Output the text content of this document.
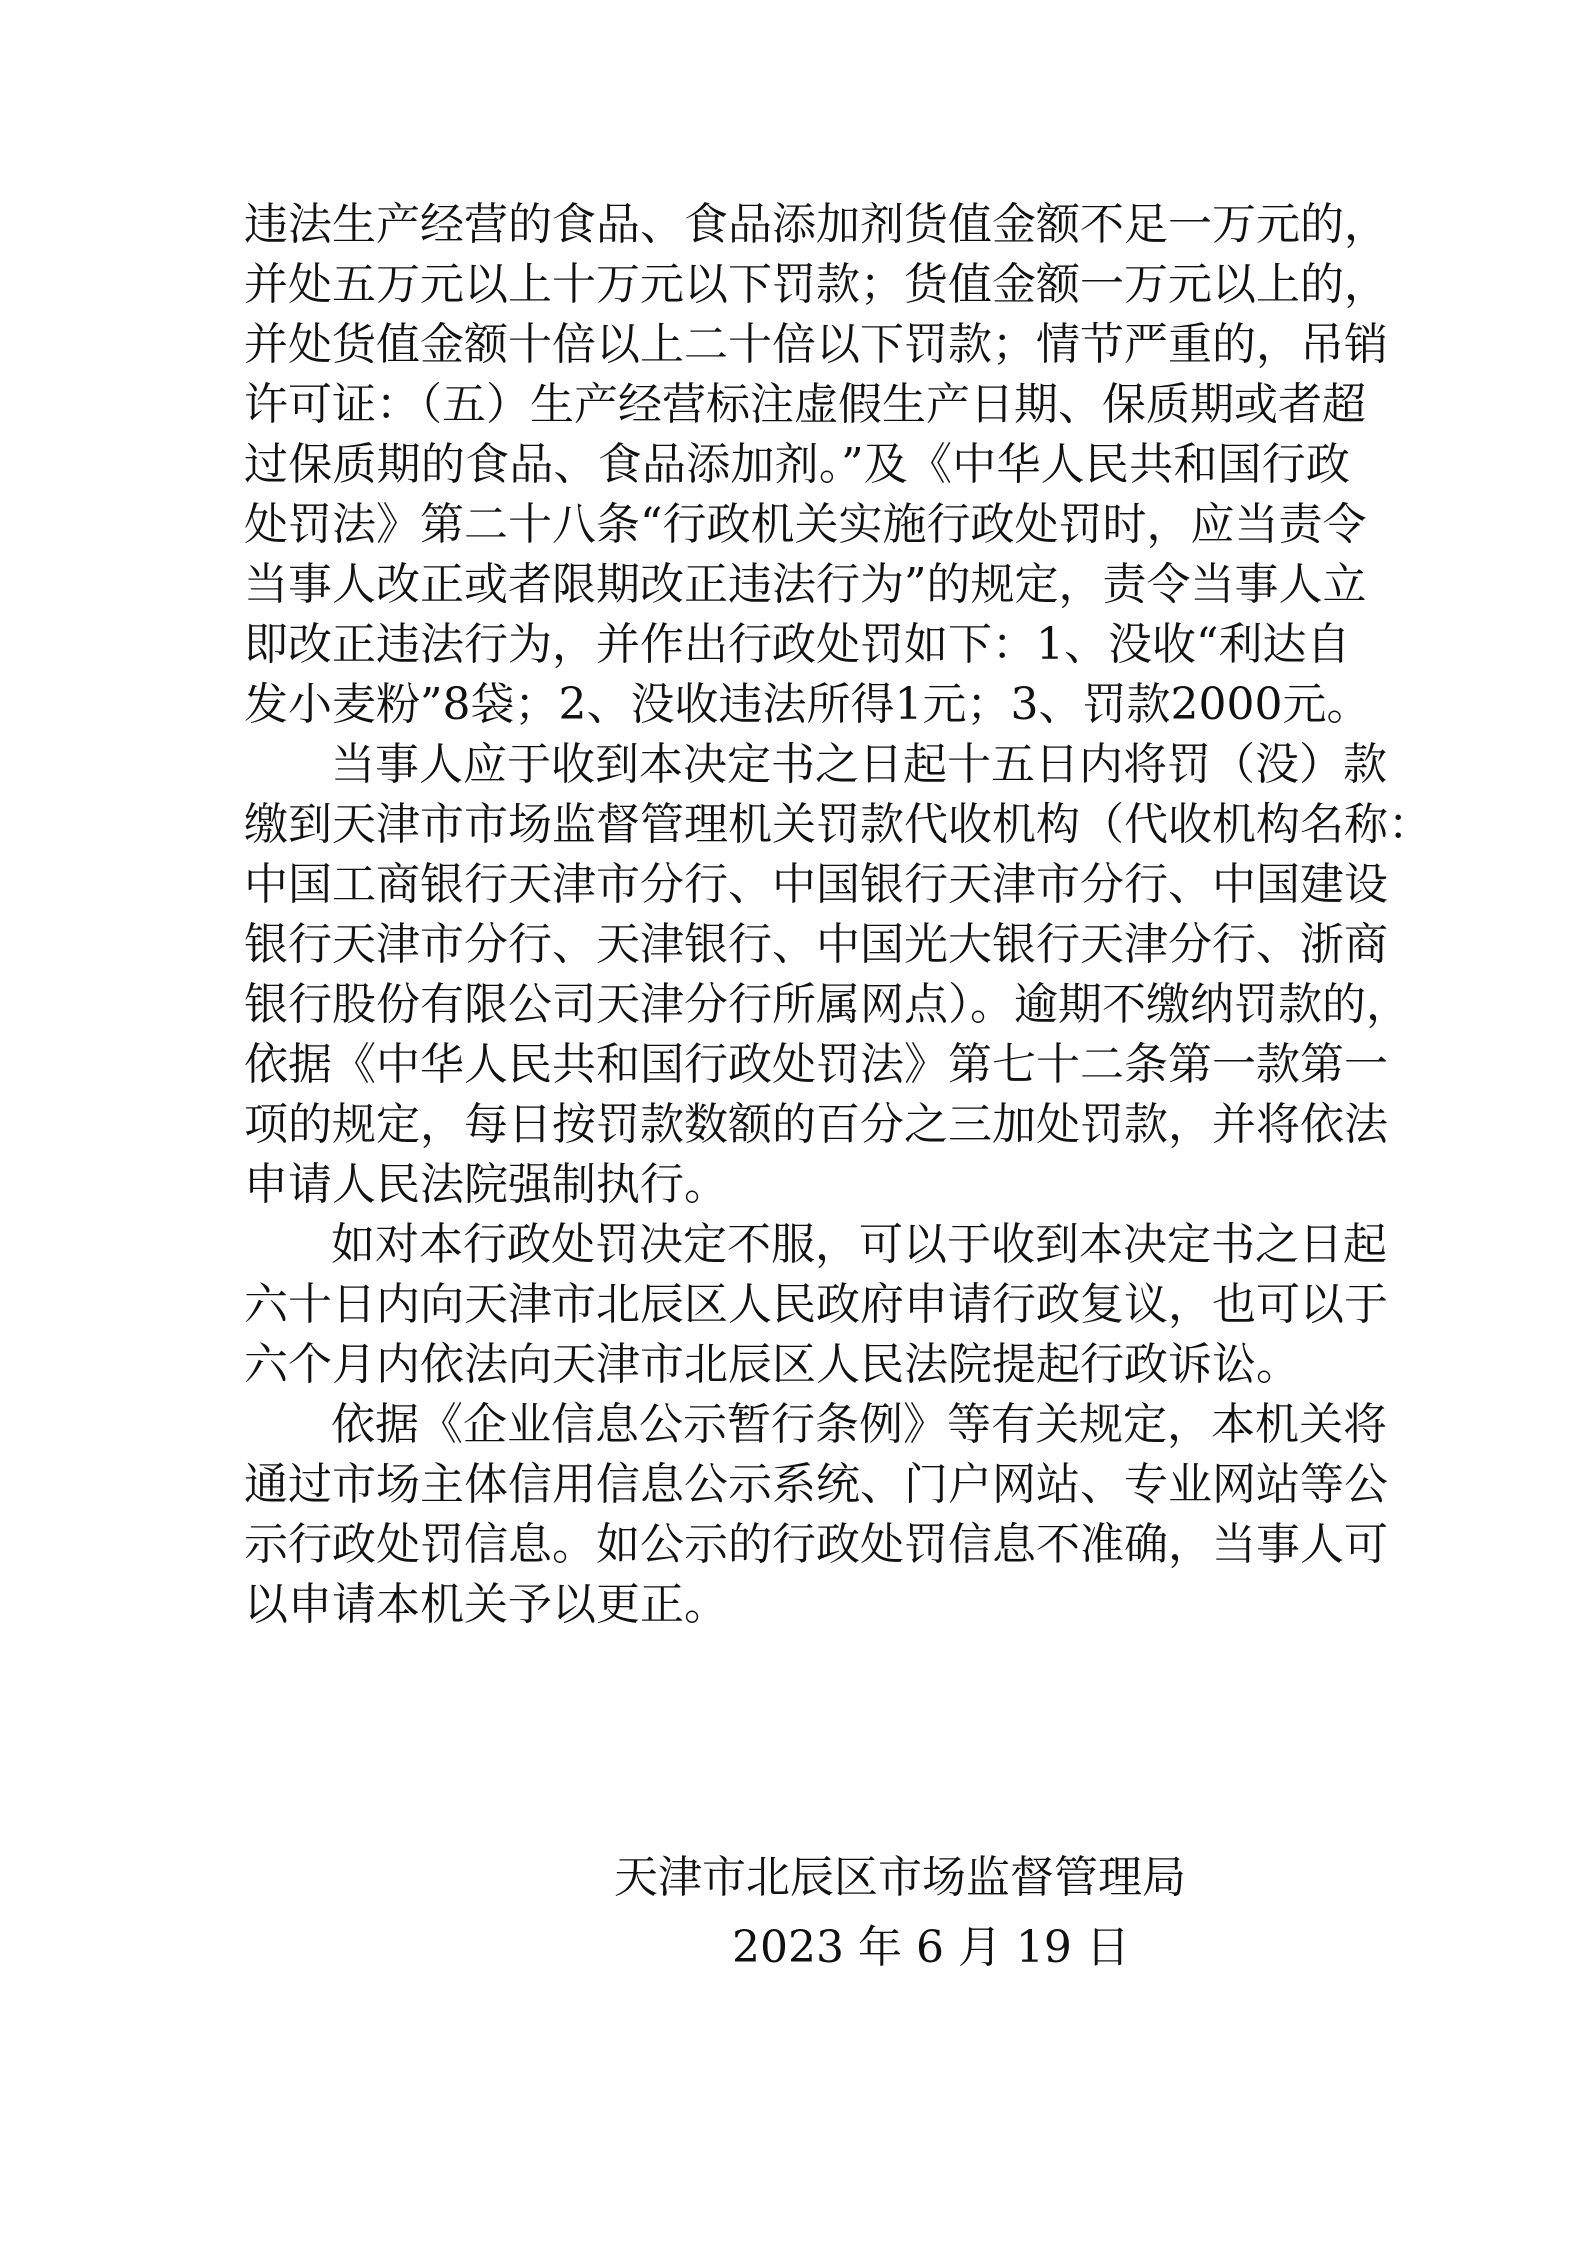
违法生产经营的食品、食品添加剂货值金额不足一万元的，
并处五万元以上十万元以下罚款；货值金额一万元以上的，
并处货值金额十倍以上二十倍以下罚款；情节严重的，吊销
许可证：（五）生产经营标注虚假生产日期、保质期或者超
过保质期的食品、食品添加剂。”及《中华人民共和国行政
处罚法》第二十八条“行政机关实施行政处罚时，应当责令
当事人改正或者限期改正违法行为”的规定，责令当事人立
即改正违法行为，并作出行政处罚如下：1、没收“利达自
发小麦粉”8袋；2、没收违法所得1元；3、罚款2000元。
当事人应于收到本决定书之日起十五日内将罚（没）款
缴到天津市市场监督管理机关罚款代收机构（代收机构名称：
中国工商银行天津市分行、中国银行天津市分行、中国建设
银行天津市分行、天津银行、中国光大银行天津分行、浙商
银行股份有限公司天津分行所属网点）。逾期不缴纳罚款的，
依据《中华人民共和国行政处罚法》第七十二条第一款第一
项的规定，每日按罚款数额的百分之三加处罚款，并将依法
申请人民法院强制执行。
如对本行政处罚决定不服，可以于收到本决定书之日起
六十日内向天津市北辰区人民政府申请行政复议，也可以于
六个月内依法向天津市北辰区人民法院提起行政诉讼。
依据《企业信息公示暂行条例》等有关规定，本机关将
通过市场主体信用信息公示系统、门户网站、专业网站等公
示行政处罚信息。如公示的行政处罚信息不准确，当事人可
以申请本机关予以更正。
天津市北辰区市场监督管理局
2023 年 6 月 19 日
